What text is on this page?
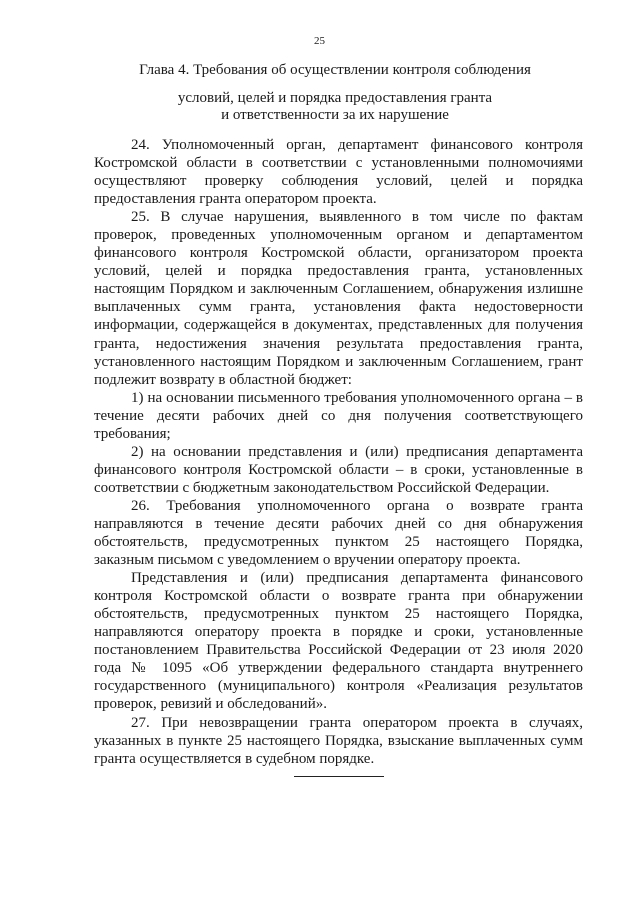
25
Глава 4. Требования об осуществлении контроля соблюдения
условий, целей и порядка предоставления гранта
и ответственности за их нарушение

24. Уполномоченный орган, департамент финансового контроля Костромской области в соответствии с установленными полномочиями осуществляют проверку соблюдения условий, целей и порядка предоставления гранта оператором проекта.

25. В случае нарушения, выявленного в том числе по фактам проверок, проведенных уполномоченным органом и департаментом финансового контроля Костромской области, организатором проекта условий, целей и порядка предоставления гранта, установленных настоящим Порядком и заключенным Соглашением, обнаружения излишне выплаченных сумм гранта, установления факта недостоверности информации, содержащейся в документах, представленных для получения гранта, недостижения значения результата предоставления гранта, установленного настоящим Порядком и заключенным Соглашением, грант подлежит возврату в областной бюджет:

1) на основании письменного требования уполномоченного органа – в течение десяти рабочих дней со дня получения соответствующего требования;

2) на основании представления и (или) предписания департамента финансового контроля Костромской области – в сроки, установленные в соответствии с бюджетным законодательством Российской Федерации.

26. Требования уполномоченного органа о возврате гранта направляются в течение десяти рабочих дней со дня обнаружения обстоятельств, предусмотренных пунктом 25 настоящего Порядка, заказным письмом с уведомлением о вручении оператору проекта.

Представления и (или) предписания департамента финансового контроля Костромской области о возврате гранта при обнаружении обстоятельств, предусмотренных пунктом 25 настоящего Порядка, направляются оператору проекта в порядке и сроки, установленные постановлением Правительства Российской Федерации от 23 июля 2020 года № 1095 «Об утверждении федерального стандарта внутреннего государственного (муниципального) контроля «Реализация результатов проверок, ревизий и обследований».

27. При невозвращении гранта оператором проекта в случаях, указанных в пункте 25 настоящего Порядка, взыскание выплаченных сумм гранта осуществляется в судебном порядке.
